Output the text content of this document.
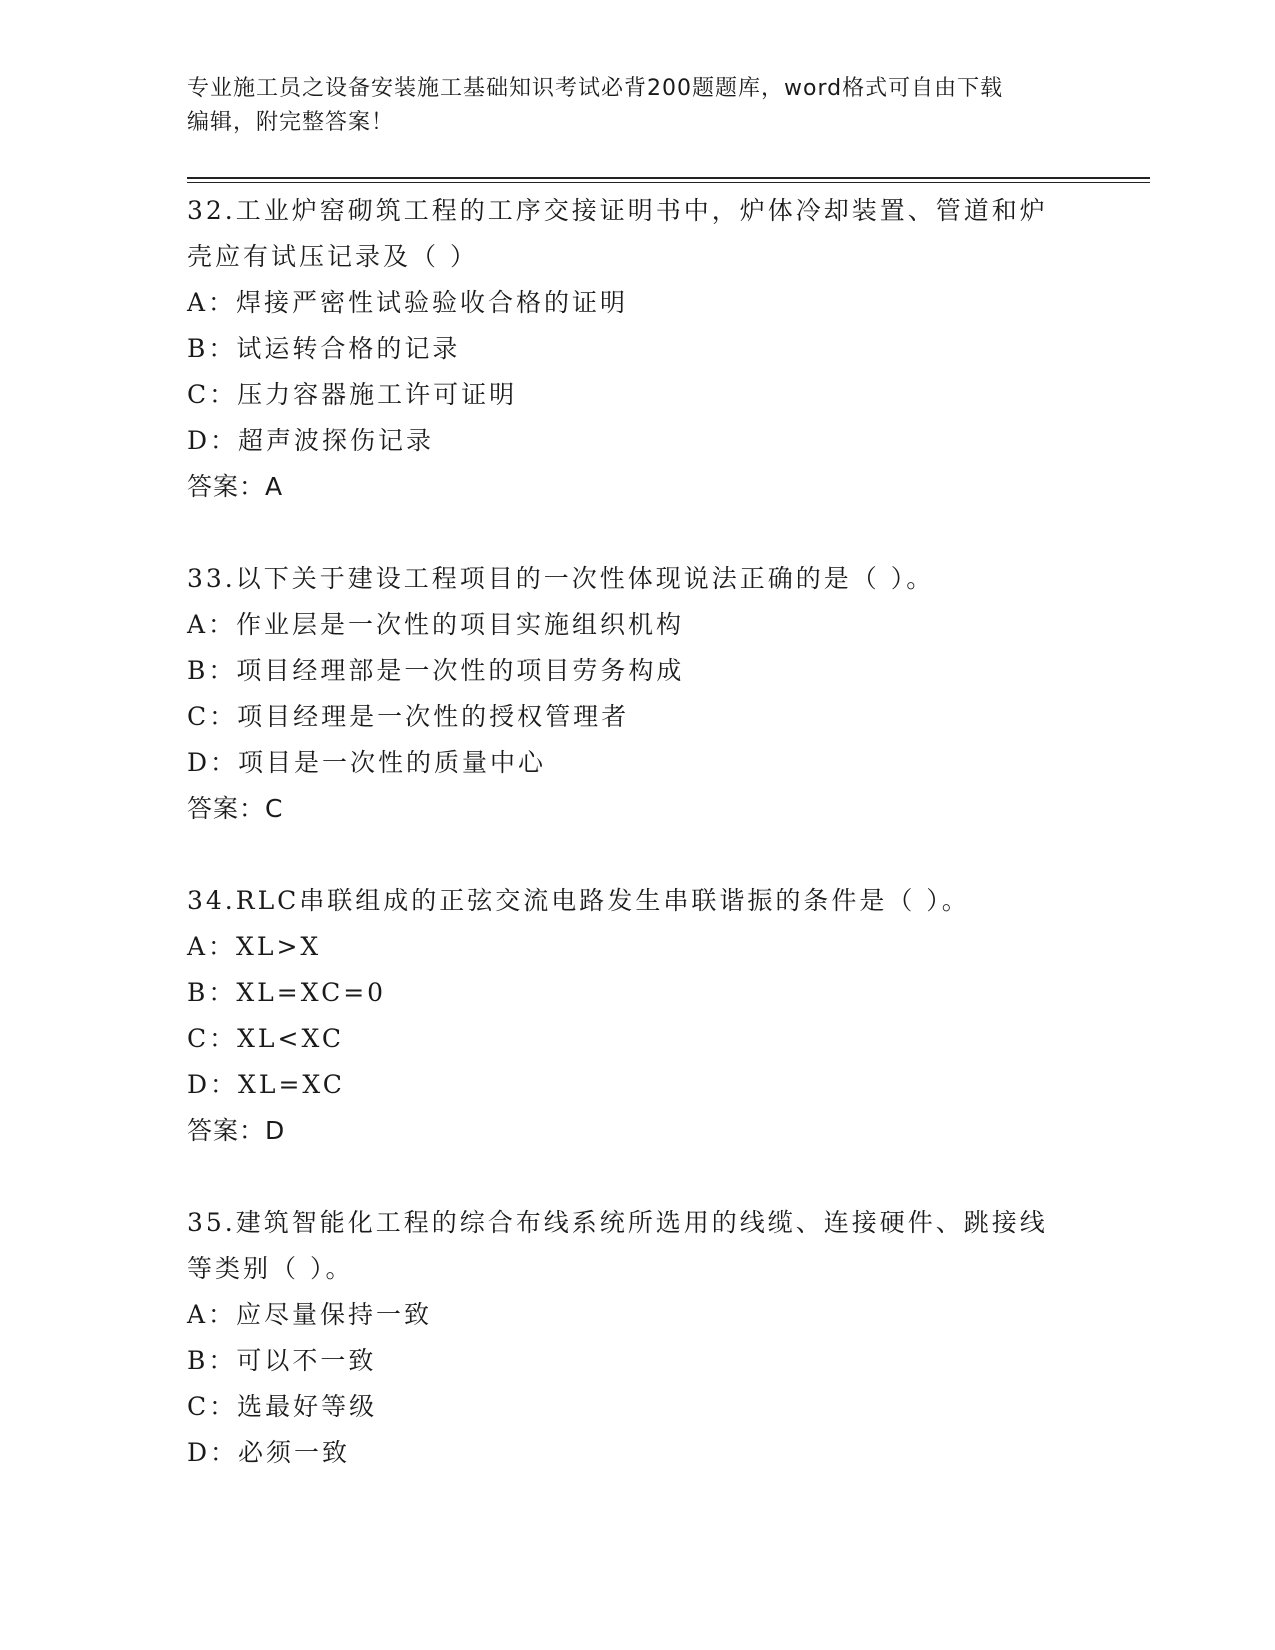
专业施工员之设备安装施工基础知识考试必背200题题库，word格式可自由下载
编辑，附完整答案！
32.工业炉窑砌筑工程的工序交接证明书中，炉体冷却装置、管道和炉
壳应有试压记录及（ ）
A：焊接严密性试验验收合格的证明
B：试运转合格的记录
C：压力容器施工许可证明
D：超声波探伤记录
答案：A
33.以下关于建设工程项目的一次性体现说法正确的是（ ）。
A：作业层是一次性的项目实施组织机构
B：项目经理部是一次性的项目劳务构成
C：项目经理是一次性的授权管理者
D：项目是一次性的质量中心
答案：C
34.RLC串联组成的正弦交流电路发生串联谐振的条件是（ ）。
A：XL>X
B：XL=XC=0
C：XL<XC
D：XL=XC
答案：D
35.建筑智能化工程的综合布线系统所选用的线缆、连接硬件、跳接线
等类别（ ）。
A：应尽量保持一致
B：可以不一致
C：选最好等级
D：必须一致
